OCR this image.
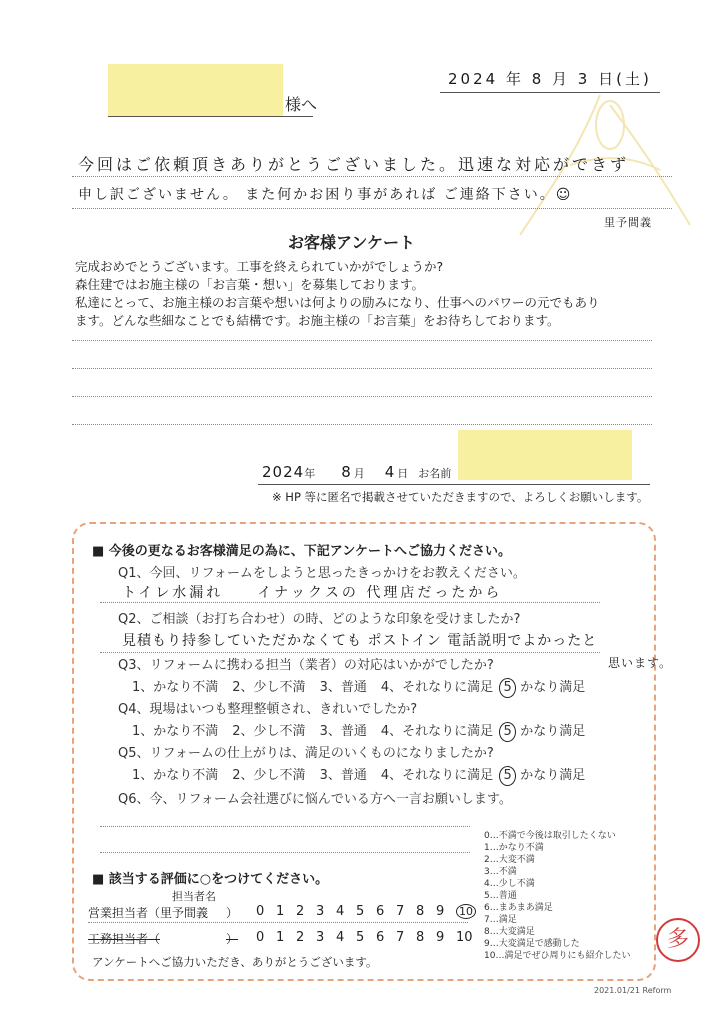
様へ
2024 年 8 月 3 日(土)
今回はご依頼頂きありがとうございました。迅速な対応ができず
申し訳ございません。 また何かお困り事があれば ご連絡下さい。☺
里予間義
お客様アンケート
完成おめでとうございます。工事を終えられていかがでしょうか?
森住建ではお施主様の「お言葉・想い」を募集しております。
私達にとって、お施主様のお言葉や想いは何よりの励みになり、仕事へのパワーの元でもあり
ます。どんな些細なことでも結構です。お施主様の「お言葉」をお待ちしております。
2024年 8月 4日 お名前
※ HP 等に匿名で掲載させていただきますので、よろしくお願いします。
■ 今後の更なるお客様満足の為に、下記アンケートへご協力ください。
Q1、今回、リフォームをしようと思ったきっかけをお教えください。
トイレ水漏れ　　イナックスの 代理店だったから
Q2、ご相談（お打ち合わせ）の時、どのような印象を受けましたか?
見積もり持参していただかなくても ポストイン 電話説明でよかったと
思います。
Q3、リフォームに携わる担当（業者）の対応はいかがでしたか?
1、かなり不満 2、少し不満 3、普通 4、それなりに満足 5 かなり満足
Q4、現場はいつも整理整頓され、きれいでしたか?
1、かなり不満 2、少し不満 3、普通 4、それなりに満足 5 かなり満足
Q5、リフォームの仕上がりは、満足のいくものになりましたか?
1、かなり不満 2、少し不満 3、普通 4、それなりに満足 5 かなり満足
Q6、今、リフォーム会社選びに悩んでいる方へ一言お願いします。
■ 該当する評価に○をつけてください。
担当者名
営業担当者（里予間義 ） 0 1 2 3 4 5 6 7 8 9 10
工務担当者（	） 0 1 2 3 4 5 6 7 8 9 10
アンケートへご協力いただき、ありがとうございます。
0…不満で今後は取引したくない
1…かなり不満
2…大変不満
3…不満
4…少し不満
5…普通
6…まあまあ満足
7…満足
8…大変満足
9…大変満足で感動した
10…満足でぜひ周りにも紹介したい
多
2021.01/21 Reform
